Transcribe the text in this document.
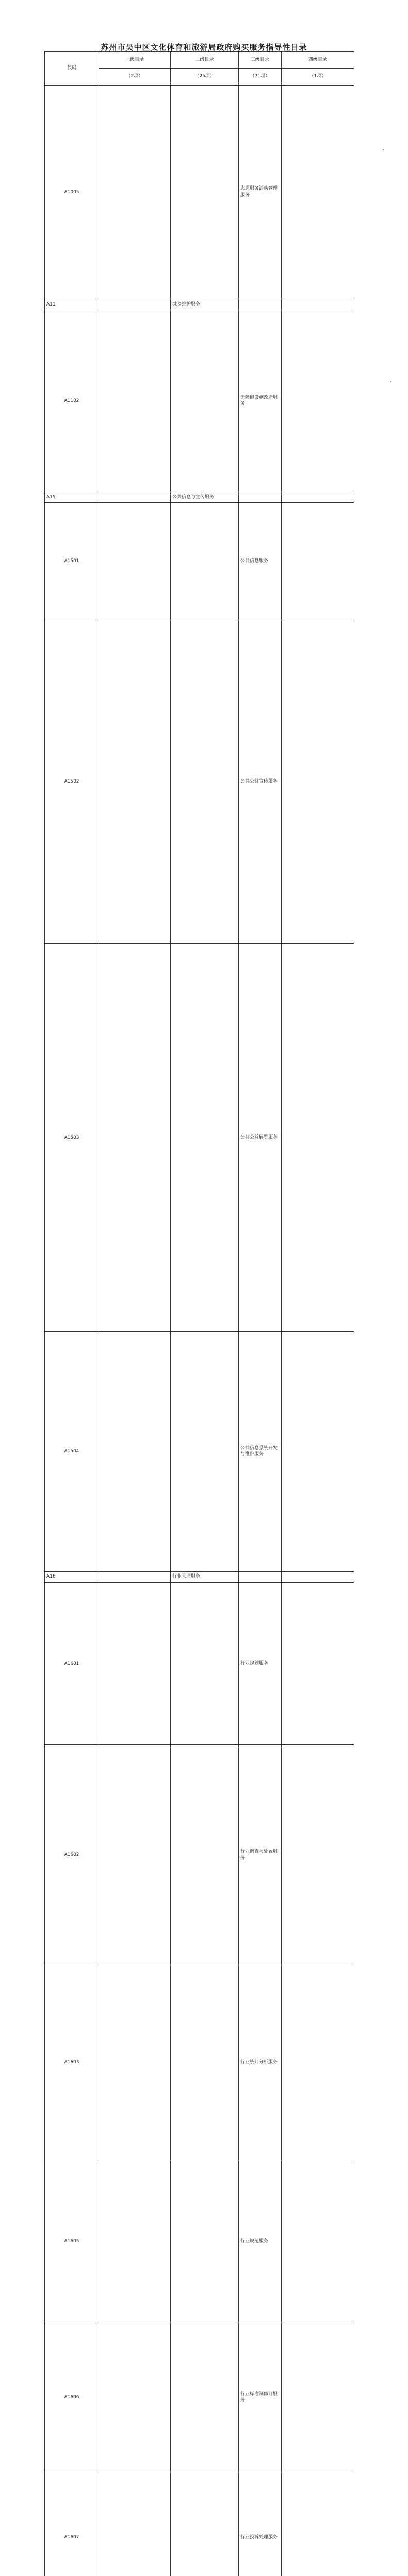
苏州市吴中区文化体育和旅游局政府购买服务指导性目录
代码	一级目录	二级目录	三级目录	四级目录	
	（2项）	（25项）	（71项）	（1项）	
A1005			志愿服务活动管理服务		
A11		城乡维护服务			
A1102			无障碍设施改造服务		
A15		公共信息与宣传服务			
A1501			公共信息服务		
A1502			公共公益宣传服务		
A1503			公共公益展览服务		
A1504			公共信息系统开发与维护服务		
A16		行业管理服务			
A1601			行业规划服务		
A1602			行业调查与处置服务		
A1603			行业统计分析服务		
A1605			行业规范服务		
A1606			行业标准制修订服务		
A1607			行业投诉处理服务		
